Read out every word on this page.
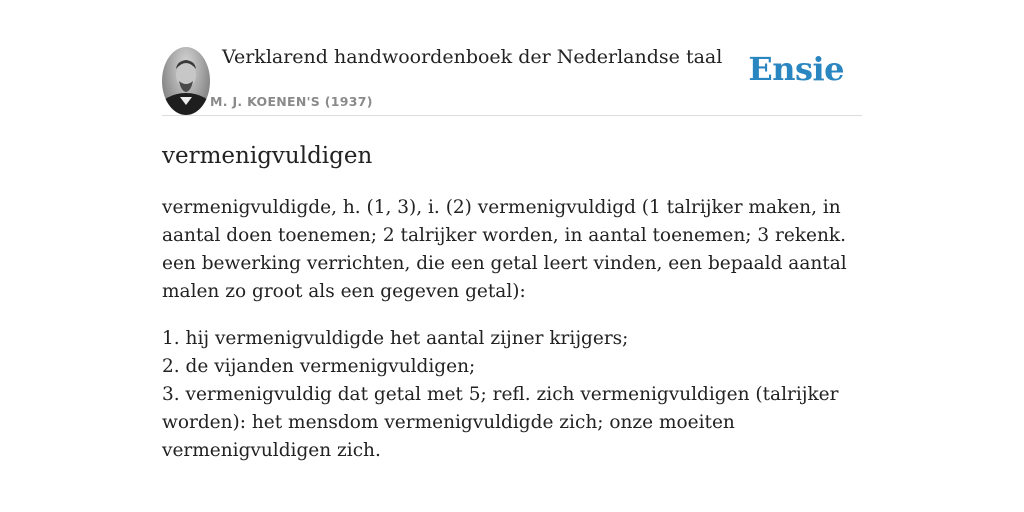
Verklarend handwoordenboek der Nederlandse taal
M. J. KOENEN'S (1937)
Ensie
vermenigvuldigen

vermenigvuldigde, h. (1, 3), i. (2) vermenigvuldigd (1 talrijker maken, in aantal doen toenemen; 2 talrijker worden, in aantal toenemen; 3 rekenk. een bewerking verrichten, die een getal leert vinden, een bepaald aantal malen zo groot als een gegeven getal):

1. hij vermenigvuldigde het aantal zijner krijgers;
2. de vijanden vermenigvuldigen;
3. vermenigvuldig dat getal met 5; refl. zich vermenigvuldigen (talrijker worden): het mensdom vermenigvuldigde zich; onze moeiten vermenigvuldigen zich.
